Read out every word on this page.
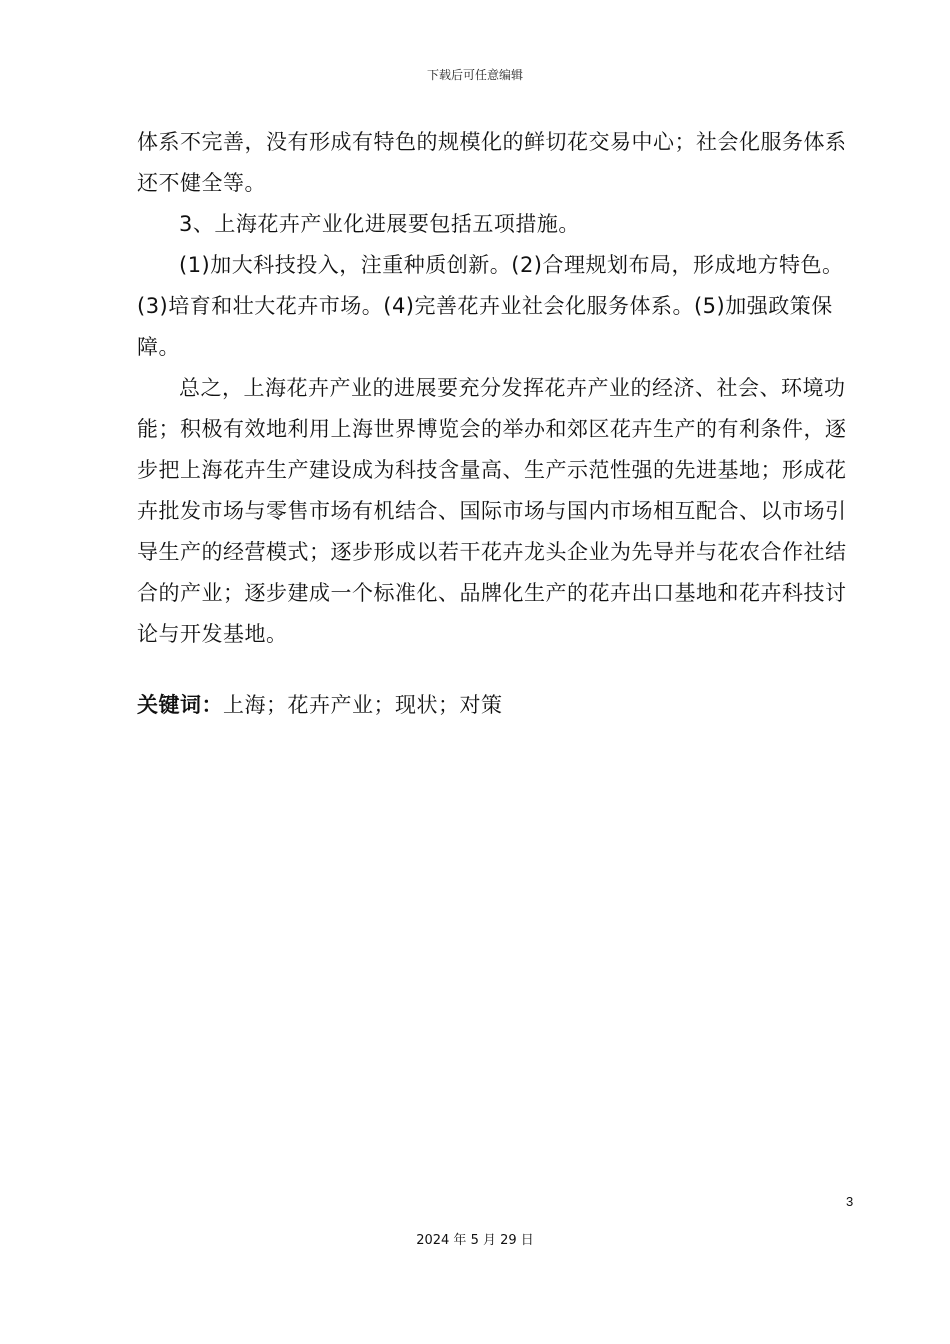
下载后可任意编辑

体系不完善，没有形成有特色的规模化的鲜切花交易中心；社会化服务体系还不健全等。

3、上海花卉产业化进展要包括五项措施。

(1)加大科技投入，注重种质创新。(2)合理规划布局，形成地方特色。(3)培育和壮大花卉市场。(4)完善花卉业社会化服务体系。(5)加强政策保障。

总之，上海花卉产业的进展要充分发挥花卉产业的经济、社会、环境功能；积极有效地利用上海世界博览会的举办和郊区花卉生产的有利条件，逐步把上海花卉生产建设成为科技含量高、生产示范性强的先进基地；形成花卉批发市场与零售市场有机结合、国际市场与国内市场相互配合、以市场引导生产的经营模式；逐步形成以若干花卉龙头企业为先导并与花农合作社结合的产业；逐步建成一个标准化、品牌化生产的花卉出口基地和花卉科技讨论与开发基地。

关键词：上海；花卉产业；现状；对策
3
2024 年 5 月 29 日
